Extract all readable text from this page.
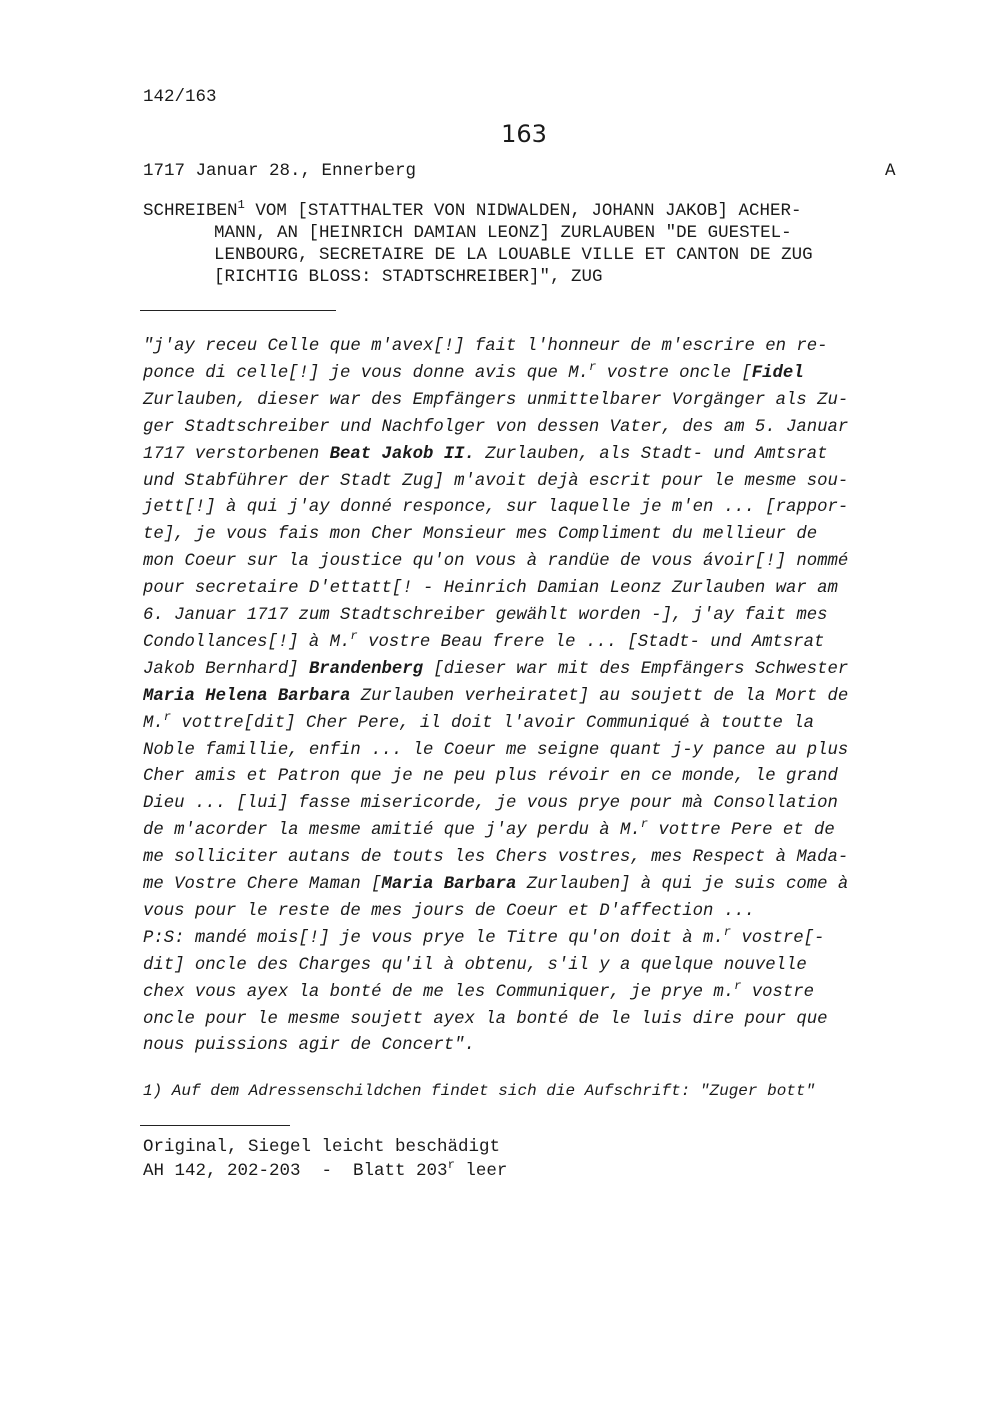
142/163
163
1717 Januar 28., Ennerberg	A
SCHREIBEN$^1$ VOM [STATTHALTER VON NIDWALDEN, JOHANN JAKOB] ACHER-
MANN, AN [HEINRICH DAMIAN LEONZ] ZURLAUBEN "DE GUESTEL-
LENBOURG, SECRETAIRE DE LA LOUABLE VILLE ET CANTON DE ZUG
[RICHTIG BLOSS: STADTSCHREIBER]", ZUG
"j'ay receu Celle que m'avex[!] fait l'honneur de m'escrire en re-
ponce di celle[!] je vous donne avis que M.$^r$ vostre oncle [Fidel
Zurlauben, dieser war des Empfängers unmittelbarer Vorgänger als Zu-
ger Stadtschreiber und Nachfolger von dessen Vater, des am 5. Januar
1717 verstorbenen Beat Jakob II. Zurlauben, als Stadt- und Amtsrat
und Stabführer der Stadt Zug] m'avoit dejà escrit pour le mesme sou-
jett[!] à qui j'ay donné responce, sur laquelle je m'en ... [rappor-
te], je vous fais mon Cher Monsieur mes Compliment du mellieur de
mon Coeur sur la joustice qu'on vous à randüe de vous ávoir[!] nommé
pour secretaire D'ettatt[! - Heinrich Damian Leonz Zurlauben war am
6. Januar 1717 zum Stadtschreiber gewählt worden -], j'ay fait mes
Condollances[!] à M.$^r$ vostre Beau frere le ... [Stadt- und Amtsrat
Jakob Bernhard] Brandenberg [dieser war mit des Empfängers Schwester
Maria Helena Barbara Zurlauben verheiratet] au soujett de la Mort de
M.$^r$ vottre[dit] Cher Pere, il doit l'avoir Communiqué à toutte la
Noble famillie, enfin ... le Coeur me seigne quant j-y pance au plus
Cher amis et Patron que je ne peu plus révoir en ce monde, le grand
Dieu ... [lui] fasse misericorde, je vous prye pour mà Consollation
de m'acorder la mesme amitié que j'ay perdu à M.$^r$ vottre Pere et de
me solliciter autans de touts les Chers vostres, mes Respect à Mada-
me Vostre Chere Maman [Maria Barbara Zurlauben] à qui je suis come à
vous pour le reste de mes jours de Coeur et D'affection ...
P:S: mandé mois[!] je vous prye le Titre qu'on doit à m.$^r$ vostre[-
dit] oncle des Charges qu'il à obtenu, s'il y a quelque nouvelle
chex vous ayex la bonté de me les Communiquer, je prye m.$^r$ vostre
oncle pour le mesme soujett ayex la bonté de le luis dire pour que
nous puissions agir de Concert".
1) Auf dem Adressenschildchen findet sich die Aufschrift: "Zuger bott"
Original, Siegel leicht beschädigt
AH 142, 202-203  -  Blatt 203$^r$ leer
